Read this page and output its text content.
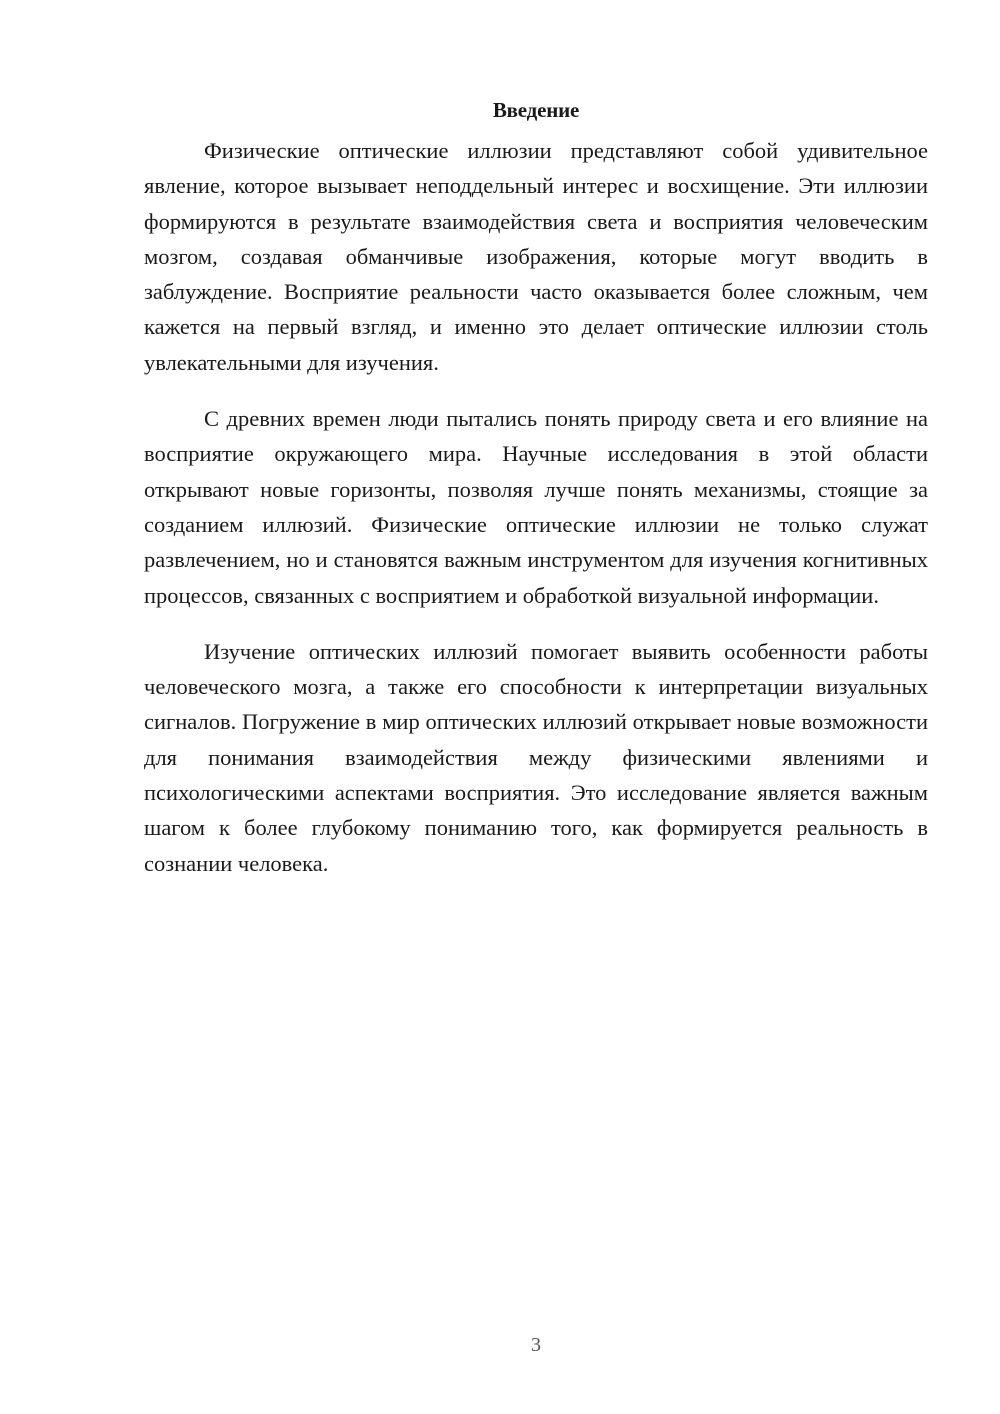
Введение

Физические оптические иллюзии представляют собой удивительное явление, которое вызывает неподдельный интерес и восхищение. Эти иллюзии формируются в результате взаимодействия света и восприятия человеческим мозгом, создавая обманчивые изображения, которые могут вводить в заблуждение. Восприятие реальности часто оказывается более сложным, чем кажется на первый взгляд, и именно это делает оптические иллюзии столь увлекательными для изучения.

С древних времен люди пытались понять природу света и его влияние на восприятие окружающего мира. Научные исследования в этой области открывают новые горизонты, позволяя лучше понять механизмы, стоящие за созданием иллюзий. Физические оптические иллюзии не только служат развлечением, но и становятся важным инструментом для изучения когнитивных процессов, связанных с восприятием и обработкой визуальной информации.

Изучение оптических иллюзий помогает выявить особенности работы человеческого мозга, а также его способности к интерпретации визуальных сигналов. Погружение в мир оптических иллюзий открывает новые возможности для понимания взаимодействия между физическими явлениями и психологическими аспектами восприятия. Это исследование является важным шагом к более глубокому пониманию того, как формируется реальность в сознании человека.

3
